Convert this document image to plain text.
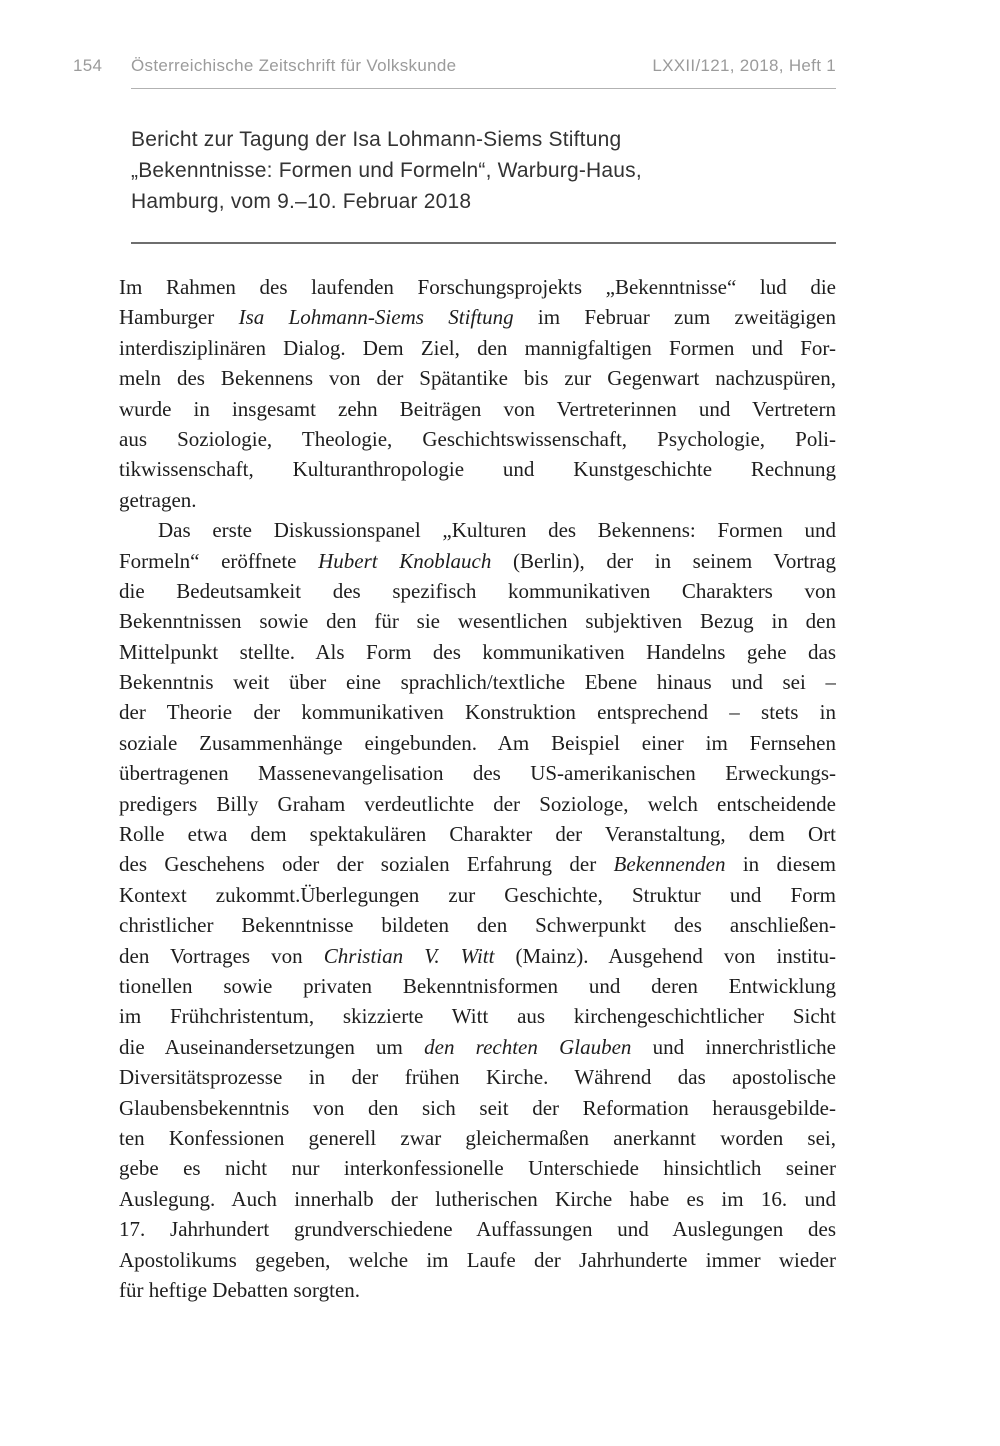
154 Österreichische Zeitschrift für Volkskunde	LXXII/121, 2018, Heft 1
Bericht zur Tagung der Isa Lohmann-Siems Stiftung
„Bekenntnisse: Formen und Formeln“, Warburg-Haus,
Hamburg, vom 9.–10. Februar 2018
Im Rahmen des laufenden Forschungsprojekts „Bekenntnisse“ lud die
Hamburger Isa Lohmann-Siems Stiftung im Februar zum zweitägigen
interdisziplinären Dialog. Dem Ziel, den mannigfaltigen Formen und For-
meln des Bekennens von der Spätantike bis zur Gegenwart nachzuspüren,
wurde in insgesamt zehn Beiträgen von Vertreterinnen und Vertretern
aus Soziologie, Theologie, Geschichtswissenschaft, Psychologie, Poli-
tikwissenschaft, Kulturanthropologie und Kunstgeschichte Rechnung
getragen.
Das erste Diskussionspanel „Kulturen des Bekennens: Formen und
Formeln“ eröffnete Hubert Knoblauch (Berlin), der in seinem Vortrag
die Bedeutsamkeit des spezifisch kommunikativen Charakters von
Bekenntnissen sowie den für sie wesentlichen subjektiven Bezug in den
Mittelpunkt stellte. Als Form des kommunikativen Handelns gehe das
Bekenntnis weit über eine sprachlich/textliche Ebene hinaus und sei –
der Theorie der kommunikativen Konstruktion entsprechend – stets in
soziale Zusammenhänge eingebunden. Am Beispiel einer im Fernsehen
übertragenen Massenevangelisation des US-amerikanischen Erweckungs-
predigers Billy Graham verdeutlichte der Soziologe, welch entscheidende
Rolle etwa dem spektakulären Charakter der Veranstaltung, dem Ort
des Geschehens oder der sozialen Erfahrung der Bekennenden in diesem
Kontext zukommt.Überlegungen zur Geschichte, Struktur und Form
christlicher Bekenntnisse bildeten den Schwerpunkt des anschließen-
den Vortrages von Christian V. Witt (Mainz). Ausgehend von institu-
tionellen sowie privaten Bekenntnisformen und deren Entwicklung
im Frühchristentum, skizzierte Witt aus kirchengeschichtlicher Sicht
die Auseinandersetzungen um den rechten Glauben und innerchristliche
Diversitätsprozesse in der frühen Kirche. Während das apostolische
Glaubensbekenntnis von den sich seit der Reformation herausgebilde-
ten Konfessionen generell zwar gleichermaßen anerkannt worden sei,
gebe es nicht nur interkonfessionelle Unterschiede hinsichtlich seiner
Auslegung. Auch innerhalb der lutherischen Kirche habe es im 16. und
17. Jahrhundert grundverschiedene Auffassungen und Auslegungen des
Apostolikums gegeben, welche im Laufe der Jahrhunderte immer wieder
für heftige Debatten sorgten.
